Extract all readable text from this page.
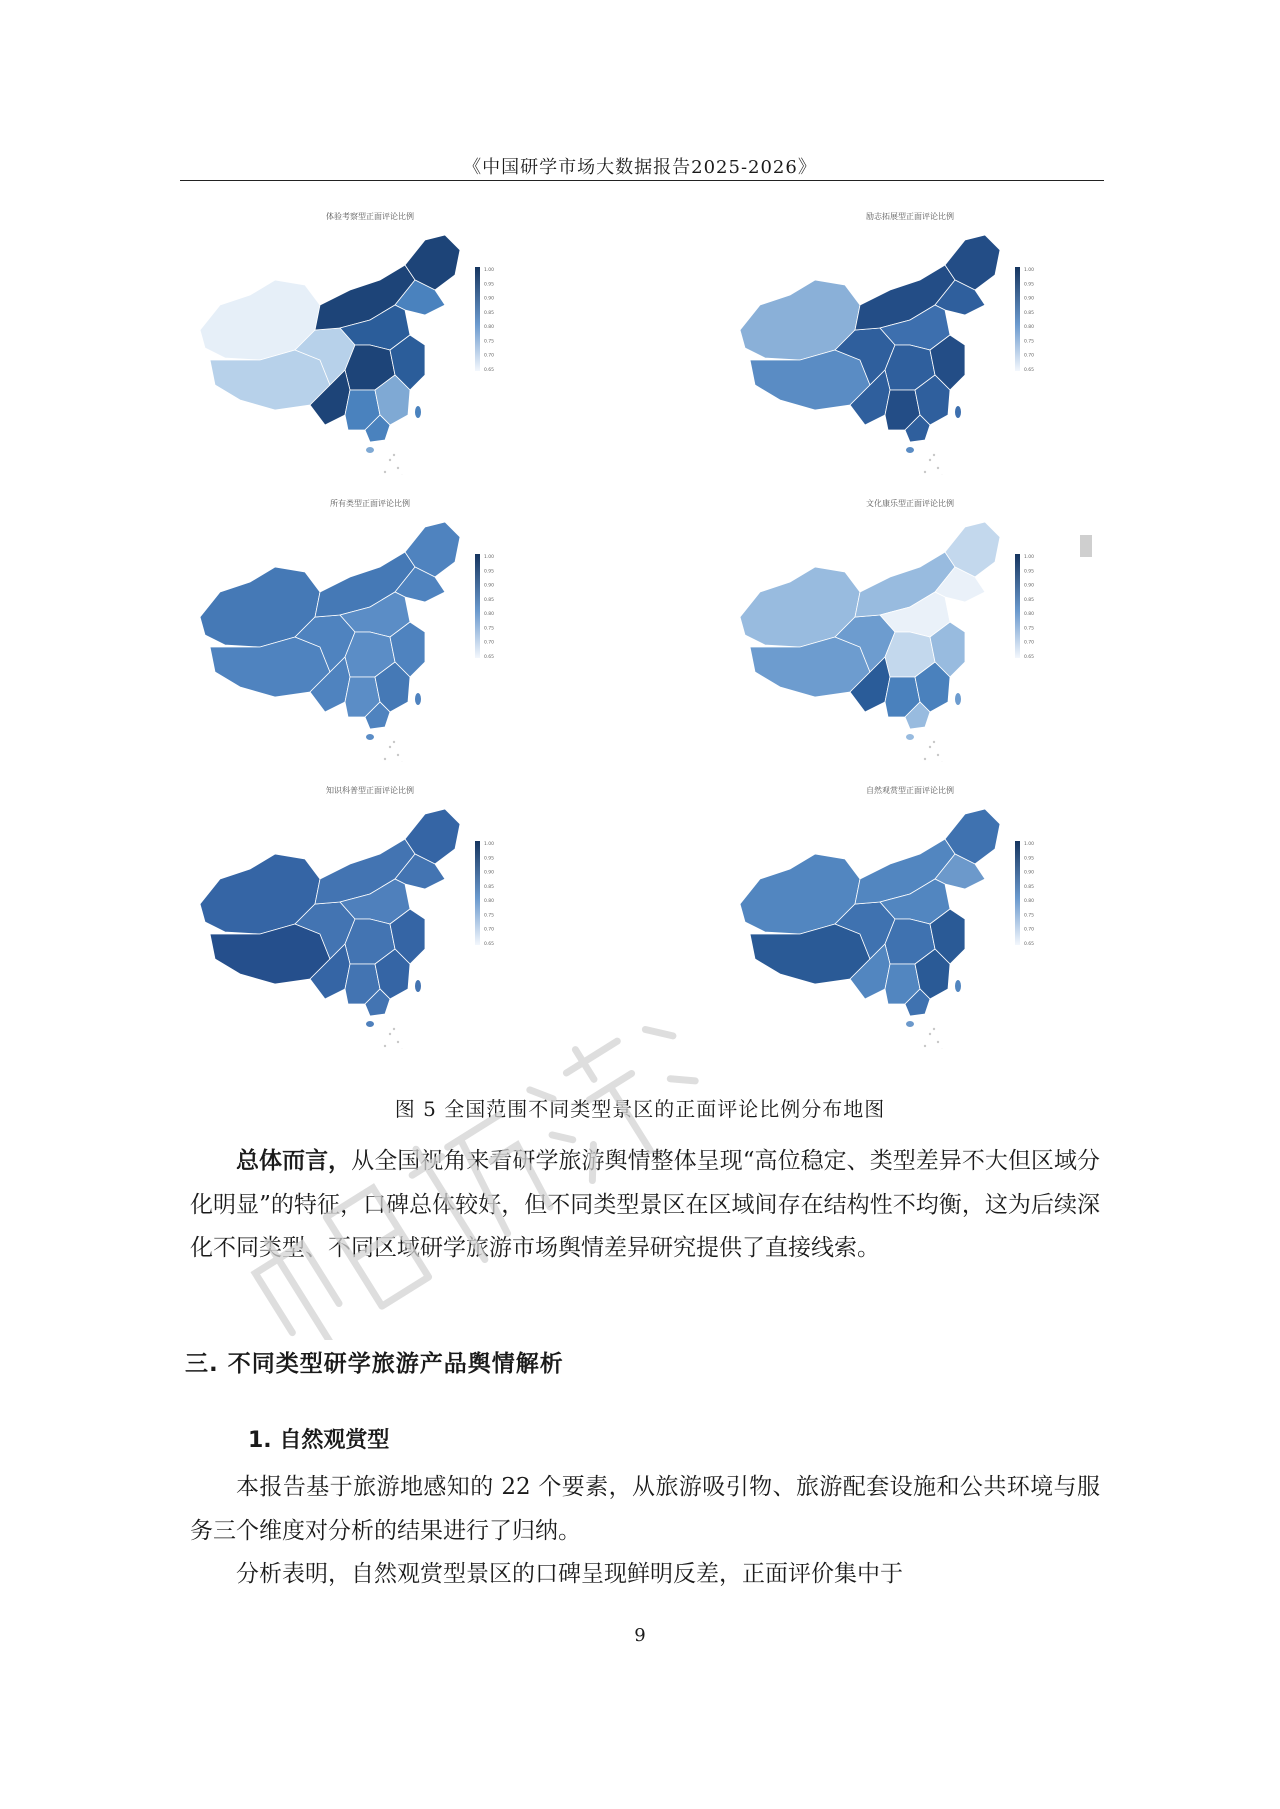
《中国研学市场大数据报告2025-2026》
体验考察型正面评论比例
1.00
0.95
0.90
0.85
0.80
0.75
0.70
0.65
励志拓展型正面评论比例
1.00
0.95
0.90
0.85
0.80
0.75
0.70
0.65
所有类型正面评论比例
1.00
0.95
0.90
0.85
0.80
0.75
0.70
0.65
文化康乐型正面评论比例
1.00
0.95
0.90
0.85
0.80
0.75
0.70
0.65
知识科普型正面评论比例
1.00
0.95
0.90
0.85
0.80
0.75
0.70
0.65
自然观赏型正面评论比例
1.00
0.95
0.90
0.85
0.80
0.75
0.70
0.65
图 5 全国范围不同类型景区的正面评论比例分布地图

总体而言，从全国视角来看研学旅游舆情整体呈现“高位稳定、类型差异不大但区域分化明显”的特征，口碑总体较好，但不同类型景区在区域间存在结构性不均衡，这为后续深化不同类型、不同区域研学旅游市场舆情差异研究提供了直接线索。

三. 不同类型研学旅游产品舆情解析
1. 自然观赏型

本报告基于旅游地感知的 22 个要素，从旅游吸引物、旅游配套设施和公共环境与服务三个维度对分析的结果进行了归纳。

分析表明，自然观赏型景区的口碑呈现鲜明反差，正面评价集中于

9
